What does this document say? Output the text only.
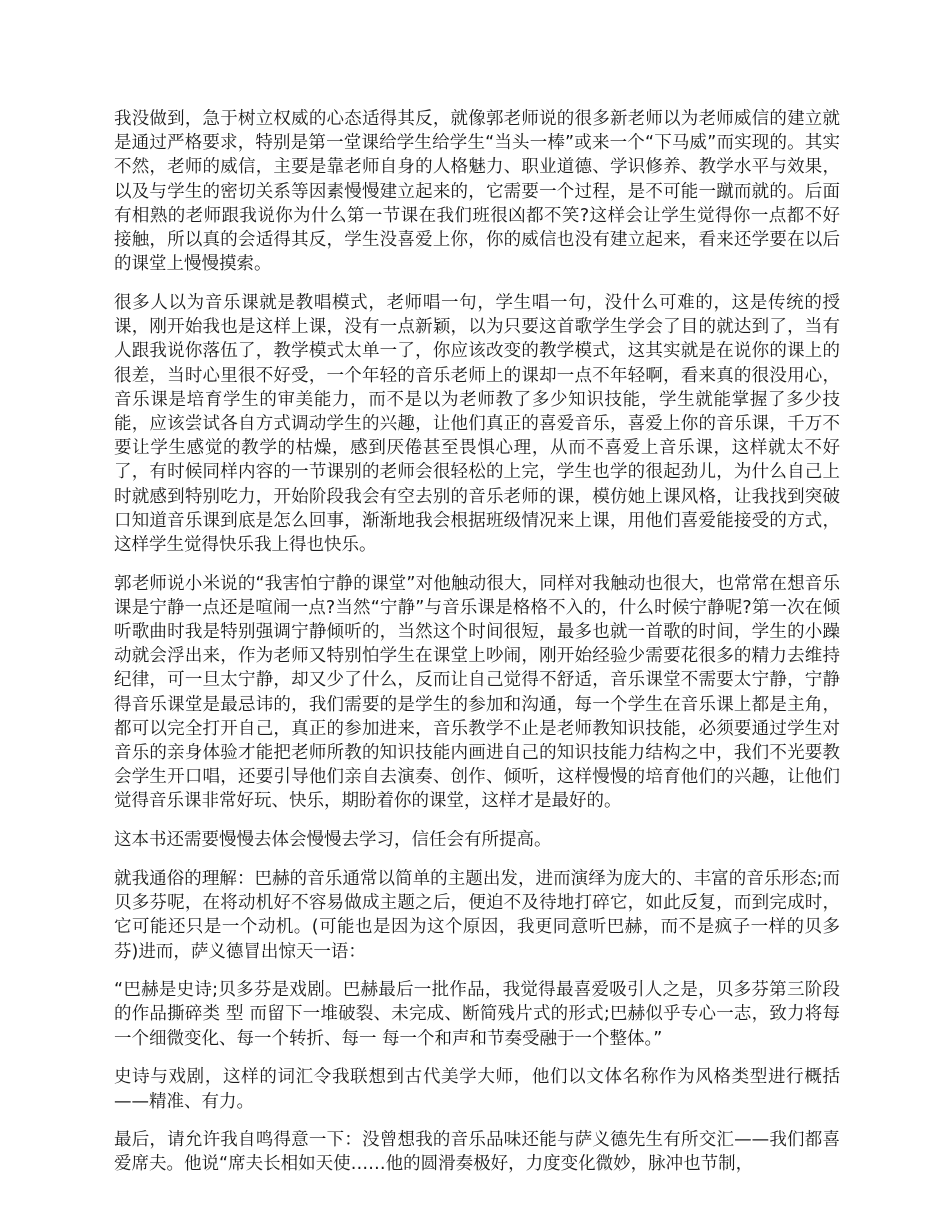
我没做到，急于树立权威的心态适得其反，就像郭老师说的很多新老师以为老师威信的建立就是通过严格要求，特别是第一堂课给学生给学生“当头一棒”或来一个“下马威”而实现的。其实不然，老师的威信，主要是靠老师自身的人格魅力、职业道德、学识修养、教学水平与效果，以及与学生的密切关系等因素慢慢建立起来的，它需要一个过程，是不可能一蹴而就的。后面有相熟的老师跟我说你为什么第一节课在我们班很凶都不笑?这样会让学生觉得你一点都不好接触，所以真的会适得其反，学生没喜爱上你，你的威信也没有建立起来，看来还学要在以后的课堂上慢慢摸索。

很多人以为音乐课就是教唱模式，老师唱一句，学生唱一句，没什么可难的，这是传统的授课，刚开始我也是这样上课，没有一点新颖，以为只要这首歌学生学会了目的就达到了，当有人跟我说你落伍了，教学模式太单一了，你应该改变的教学模式，这其实就是在说你的课上的很差，当时心里很不好受，一个年轻的音乐老师上的课却一点不年轻啊，看来真的很没用心，音乐课是培育学生的审美能力，而不是以为老师教了多少知识技能，学生就能掌握了多少技能，应该尝试各自方式调动学生的兴趣，让他们真正的喜爱音乐，喜爱上你的音乐课，千万不要让学生感觉的教学的枯燥，感到厌倦甚至畏惧心理，从而不喜爱上音乐课，这样就太不好了，有时候同样内容的一节课别的老师会很轻松的上完，学生也学的很起劲儿，为什么自己上时就感到特别吃力，开始阶段我会有空去别的音乐老师的课，模仿她上课风格，让我找到突破口知道音乐课到底是怎么回事，渐渐地我会根据班级情况来上课，用他们喜爱能接受的方式，这样学生觉得快乐我上得也快乐。

郭老师说小米说的“我害怕宁静的课堂”对他触动很大，同样对我触动也很大，也常常在想音乐课是宁静一点还是喧闹一点?当然“宁静”与音乐课是格格不入的，什么时候宁静呢?第一次在倾听歌曲时我是特别强调宁静倾听的，当然这个时间很短，最多也就一首歌的时间，学生的小躁动就会浮出来，作为老师又特别怕学生在课堂上吵闹，刚开始经验少需要花很多的精力去维持纪律，可一旦太宁静，却又少了什么，反而让自己觉得不舒适，音乐课堂不需要太宁静，宁静得音乐课堂是最忌讳的，我们需要的是学生的参加和沟通，每一个学生在音乐课上都是主角，都可以完全打开自己，真正的参加进来，音乐教学不止是老师教知识技能，必须要通过学生对音乐的亲身体验才能把老师所教的知识技能内画进自己的知识技能力结构之中，我们不光要教会学生开口唱，还要引导他们亲自去演奏、创作、倾听，这样慢慢的培育他们的兴趣，让他们觉得音乐课非常好玩、快乐，期盼着你的课堂，这样才是最好的。

这本书还需要慢慢去体会慢慢去学习，信任会有所提高。

就我通俗的理解：巴赫的音乐通常以简单的主题出发，进而演绎为庞大的、丰富的音乐形态;而贝多芬呢，在将动机好不容易做成主题之后，便迫不及待地打碎它，如此反复，而到完成时，它可能还只是一个动机。(可能也是因为这个原因，我更同意听巴赫，而不是疯子一样的贝多芬)进而，萨义德冒出惊天一语：

“巴赫是史诗;贝多芬是戏剧。巴赫最后一批作品，我觉得最喜爱吸引人之是，贝多芬第三阶段的作品撕碎类 型 而留下一堆破裂、未完成、断简残片式的形式;巴赫似乎专心一志，致力将每一个细微变化、每一个转折、每一 每一个和声和节奏受融于一个整体。”

史诗与戏剧，这样的词汇令我联想到古代美学大师，他们以文体名称作为风格类型进行概括——精准、有力。

最后，请允许我自鸣得意一下：没曾想我的音乐品味还能与萨义德先生有所交汇——我们都喜爱席夫。他说“席夫长相如天使……他的圆滑奏极好，力度变化微妙，脉冲也节制，
